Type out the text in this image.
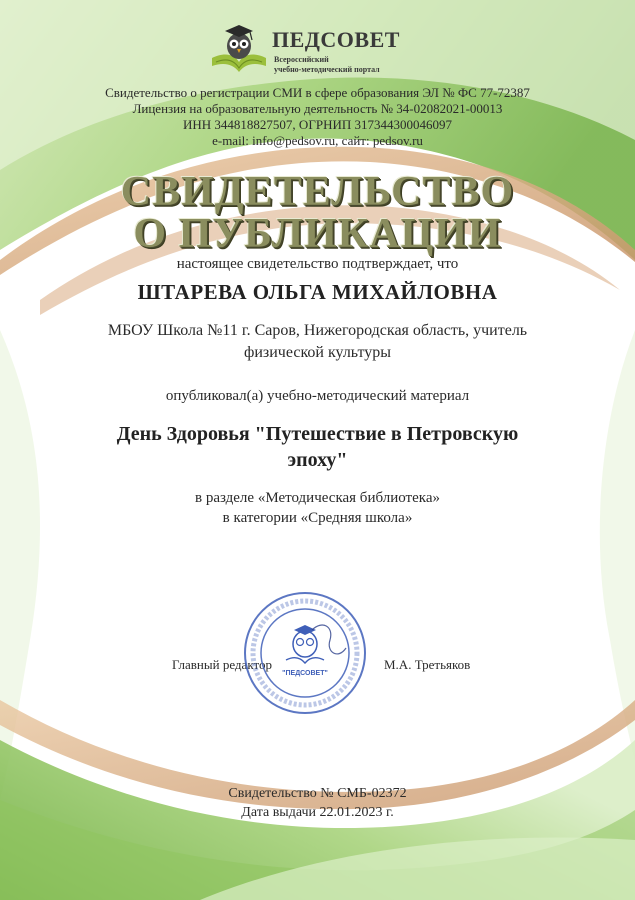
ПЕДСОВЕТ
Всероссийский
учебно-методический портал
Свидетельство о регистрации СМИ в сфере образования ЭЛ № ФС 77-72387
Лицензия на образовательную деятельность № 34-02082021-00013
ИНН 344818827507, ОГРНИП 317344300046097
e-mail: info@pedsov.ru, сайт: pedsov.ru
СВИДЕТЕЛЬСТВО
О ПУБЛИКАЦИИ
настоящее свидетельство подтверждает, что
ШТАРЕВА ОЛЬГА МИХАЙЛОВНА
МБОУ Школа №11 г. Саров, Нижегородская область, учитель
физической культуры
опубликовал(а) учебно-методический материал
День Здоровья "Путешествие в Петровскую
эпоху"
в разделе «Методическая библиотека»
в категории «Средняя школа»
Главный редактор	М.А. Третьяков
"ПЕДСОВЕТ"
Свидетельство № СМБ-02372
Дата выдачи 22.01.2023 г.
